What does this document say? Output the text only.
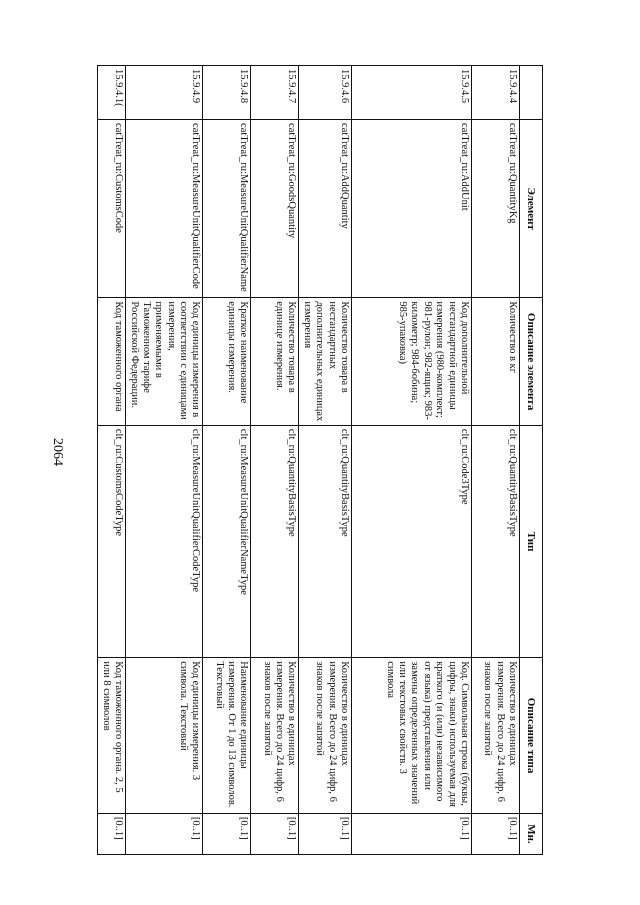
2064
	Элемент	Описание элемента	Тип	Описание типа	Мн.
15.9.4.4	catTreat_ru:QuantityKg	Количество в кг	clt_ru:QuantityBasisType	Количество в единицах измерения. Всего до 24 цифр, 6 знаков после запятой	[0..1]
15.9.4.5	catTreat_ru:AddUnit	Код дополнительной нестандартной единицы измерения (980-комплект; 981-рулон; 982-ящик; 983-километр; 984-бобина; 985-упаковка)	clt_ru:Code3Type	Код. Символьная строка (буквы, цифры, знаки) используемая для краткого (и (или) независимого от языка) представления или замены определенных значений или текстовых свойств. 3 символа	[0..1]
15.9.4.6	catTreat_ru:AddQuantity	Количество товара в нестандартных дополнительных единицах измерения	clt_ru:QuantityBasisType	Количество в единицах измерения. Всего до 24 цифр, 6 знаков после запятой	[0..1]
15.9.4.7	catTreat_ru:GoodsQuantity	Количество товара в единице измерения.	clt_ru:QuantityBasisType	Количество в единицах измерения. Всего до 24 цифр, 6 знаков после запятой	[0..1]
15.9.4.8	catTreat_ru:MeasureUnitQualifierName	Краткое наименование единицы измерения.	clt_ru:MeasureUnitQualifierNameType	Наименование единицы измерения. От 1 до 13 символов. Текстовый	[0..1]
15.9.4.9	catTreat_ru:MeasureUnitQualifierCode	Код единицы измерения в соответствии с единицами измерения, применяемыми в Таможенном тарифе Российской Федерации.	clt_ru:MeasureUnitQualifierCodeType	Код единицы измерения. 3 символа. Текстовый	[0..1]
15.9.4.1(	catTreat_ru:CustomsCode	Код таможенного органа	clt_ru:CustomsCodeType	Код таможенного органа. 2, 5 или 8 символов	[0..1]
